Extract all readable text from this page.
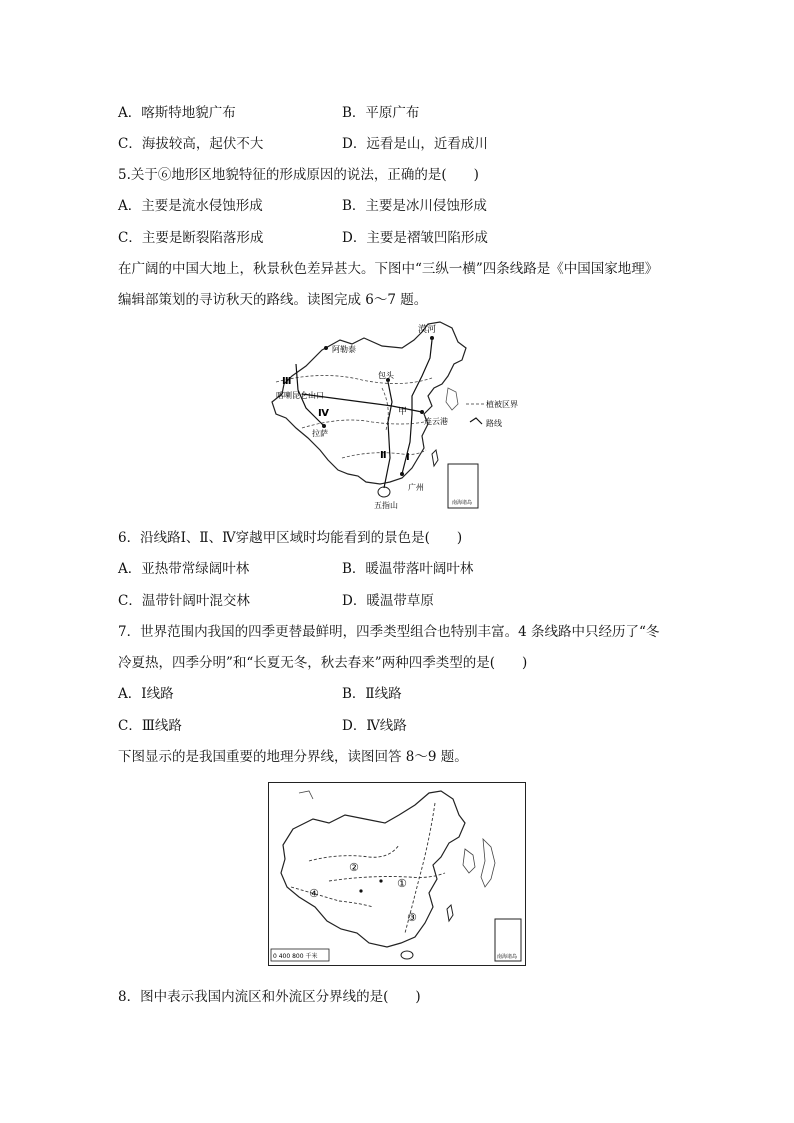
A．喀斯特地貌广布	B．平原广布
C．海拔较高，起伏不大	D．远看是山，近看成川
5.关于⑥地形区地貌特征的形成原因的说法，正确的是(　　)
A．主要是流水侵蚀形成	B．主要是冰川侵蚀形成
C．主要是断裂陷落形成	D．主要是褶皱凹陷形成
在广阔的中国大地上，秋景秋色差异甚大。下图中“三纵一横”四条线路是《中国国家地理》
编辑部策划的寻访秋天的路线。读图完成 6～7 题。
漠河
阿勒泰
Ⅲ
喀喇昆仑山口
Ⅳ
包头
甲
连云港
拉萨
Ⅱ Ⅰ
广州
五指山	南海诸岛
植被区界
路线
6．沿线路Ⅰ、Ⅱ、Ⅳ穿越甲区域时均能看到的景色是(　　)
A．亚热带常绿阔叶林	B．暖温带落叶阔叶林
C．温带针阔叶混交林	D．暖温带草原
7．世界范围内我国的四季更替最鲜明，四季类型组合也特别丰富。4 条线路中只经历了“冬
冷夏热，四季分明”和“长夏无冬，秋去春来”两种四季类型的是(　　)
A．Ⅰ线路	B．Ⅱ线路
C．Ⅲ线路	D．Ⅳ线路
下图显示的是我国重要的地理分界线，读图回答 8～9 题。
②
①
③
④
0 400 800 千米	南海诸岛
8．图中表示我国内流区和外流区分界线的是(　　)
